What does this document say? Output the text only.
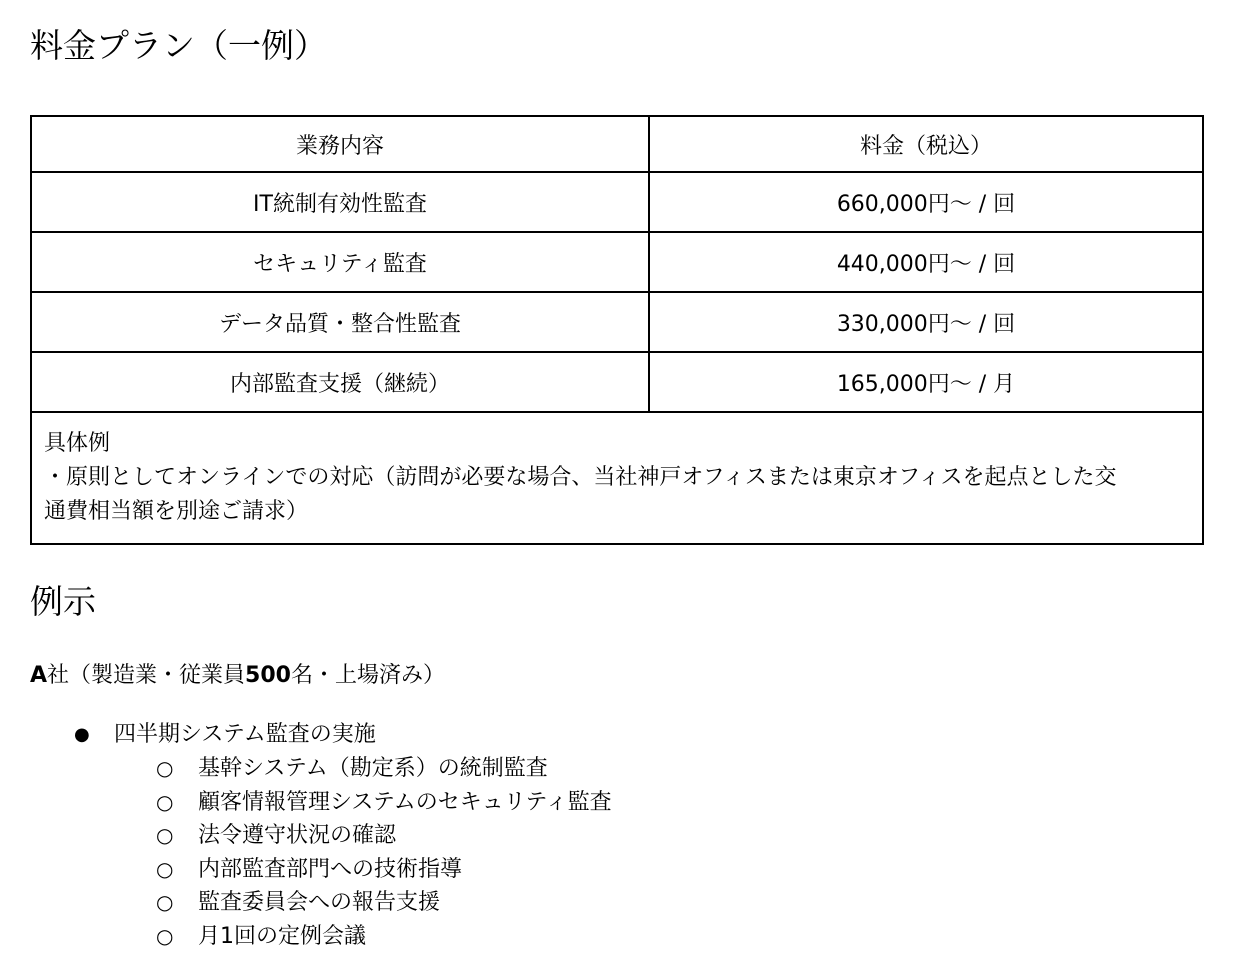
料金プラン（一例）
業務内容	料金（税込）
IT統制有効性監査	660,000円～ / 回
セキュリティ監査	440,000円～ / 回
データ品質・整合性監査	330,000円～ / 回
内部監査支援（継続）	165,000円～ / 月

具体例
・原則としてオンラインでの対応（訪問が必要な場合、当社神戸オフィスまたは東京オフィスを起点とした交
通費相当額を別途ご請求）	
例示
A社（製造業・従業員500名・上場済み）
● 四半期システム監査の実施
○ 基幹システム（勘定系）の統制監査
○ 顧客情報管理システムのセキュリティ監査
○ 法令遵守状況の確認
○ 内部監査部門への技術指導
○ 監査委員会への報告支援
○ 月1回の定例会議
